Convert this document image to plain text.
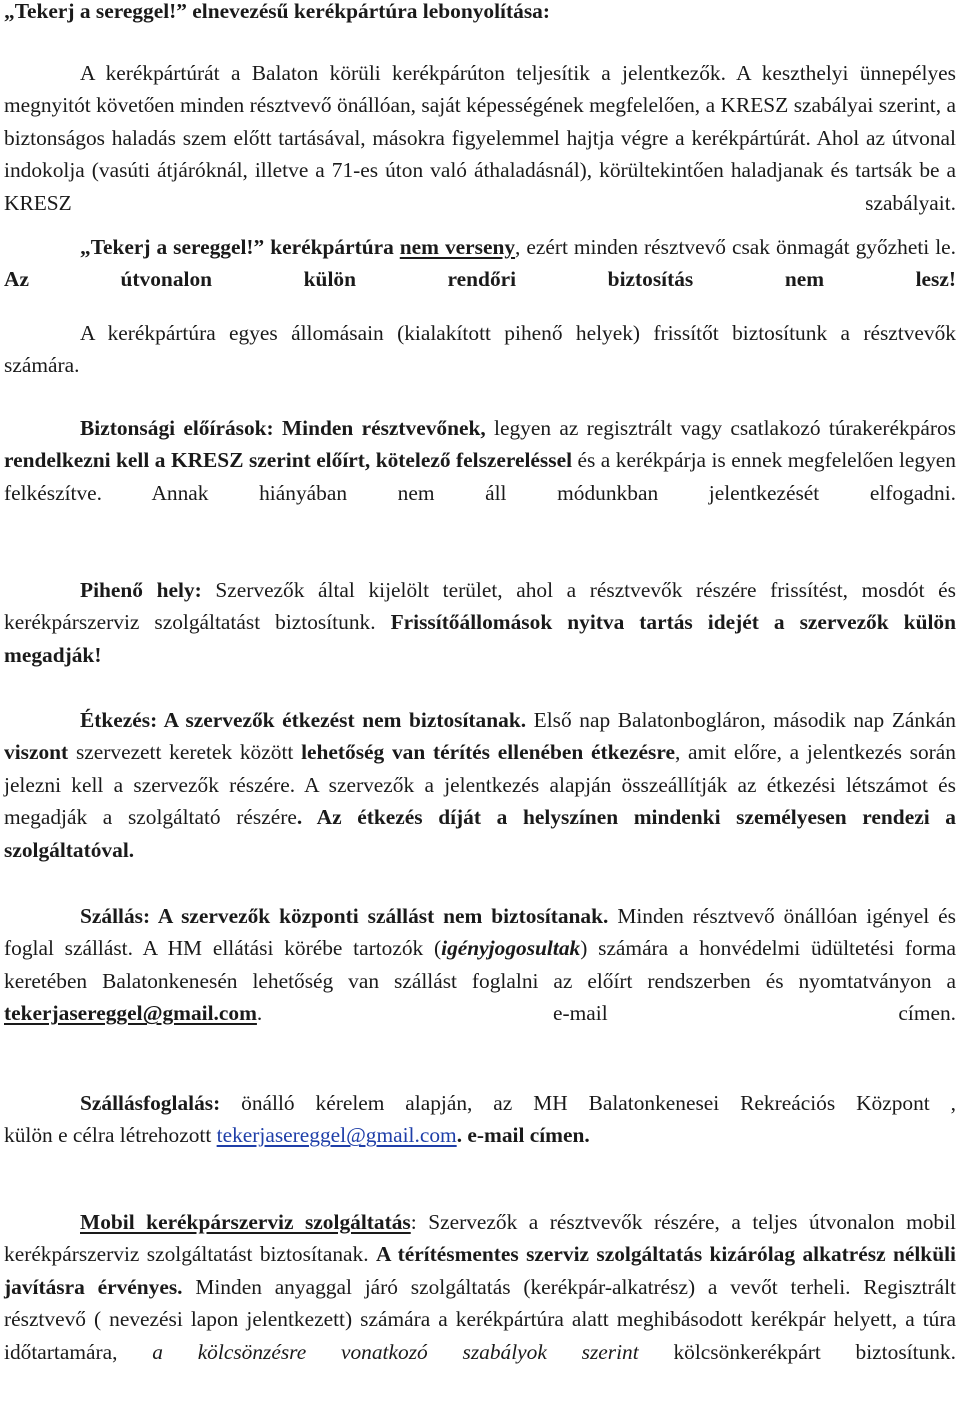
„Tekerj a sereggel!” elnevezésű kerékpártúra lebonyolítása:

A kerékpártúrát a Balaton körüli kerékpárúton teljesítik a jelentkezők. A keszthelyi ünnepélyes megnyitót követően minden résztvevő önállóan, saját képességének megfelelően, a KRESZ szabályai szerint, a biztonságos haladás szem előtt tartásával, másokra figyelemmel hajtja végre a kerékpártúrát. Ahol az útvonal indokolja (vasúti átjáróknál, illetve a 71-es úton való áthaladásnál), körültekintően haladjanak és tartsák be a KRESZ szabályait.

„Tekerj a sereggel!” kerékpártúra nem verseny, ezért minden résztvevő csak önmagát győzheti le. Az útvonalon külön rendőri biztosítás nem lesz!

A kerékpártúra egyes állomásain (kialakított pihenő helyek) frissítőt biztosítunk a résztvevők számára.

Biztonsági előírások: Minden résztvevőnek, legyen az regisztrált vagy csatlakozó túrakerékpáros rendelkezni kell a KRESZ szerint előírt, kötelező felszereléssel és a kerékpárja is ennek megfelelően legyen felkészítve. Annak hiányában nem áll módunkban jelentkezését elfogadni.

Pihenő hely: Szervezők által kijelölt terület, ahol a résztvevők részére frissítést, mosdót és kerékpárszerviz szolgáltatást biztosítunk. Frissítőállomások nyitva tartás idejét a szervezők külön megadják!

Étkezés: A szervezők étkezést nem biztosítanak. Első nap Balatonbogláron, második nap Zánkán viszont szervezett keretek között lehetőség van térítés ellenében étkezésre, amit előre, a jelentkezés során jelezni kell a szervezők részére. A szervezők a jelentkezés alapján összeállítják az étkezési létszámot és megadják a szolgáltató részére. Az étkezés díját a helyszínen mindenki személyesen rendezi a szolgáltatóval.

Szállás: A szervezők központi szállást nem biztosítanak. Minden résztvevő önállóan igényel és foglal szállást. A HM ellátási körébe tartozók (igényjogosultak) számára a honvédelmi üdültetési forma keretében Balatonkenesén lehetőség van szállást foglalni az előírt rendszerben és nyomtatványon a tekerjasereggel@gmail.com. e-mail címen.

Szállásfoglalás: önálló kérelem alapján, az MH Balatonkenesei Rekreációs Központ ,
külön e célra létrehozott tekerjasereggel@gmail.com. e-mail címen.

Mobil kerékpárszerviz szolgáltatás: Szervezők a résztvevők részére, a teljes útvonalon mobil kerékpárszerviz szolgáltatást biztosítanak. A térítésmentes szerviz szolgáltatás kizárólag alkatrész nélküli javításra érvényes. Minden anyaggal járó szolgáltatás (kerékpár-alkatrész) a vevőt terheli. Regisztrált résztvevő ( nevezési lapon jelentkezett) számára a kerékpártúra alatt meghibásodott kerékpár helyett, a túra időtartamára, a kölcsönzésre vonatkozó szabályok szerint kölcsönkerékpárt biztosítunk.
